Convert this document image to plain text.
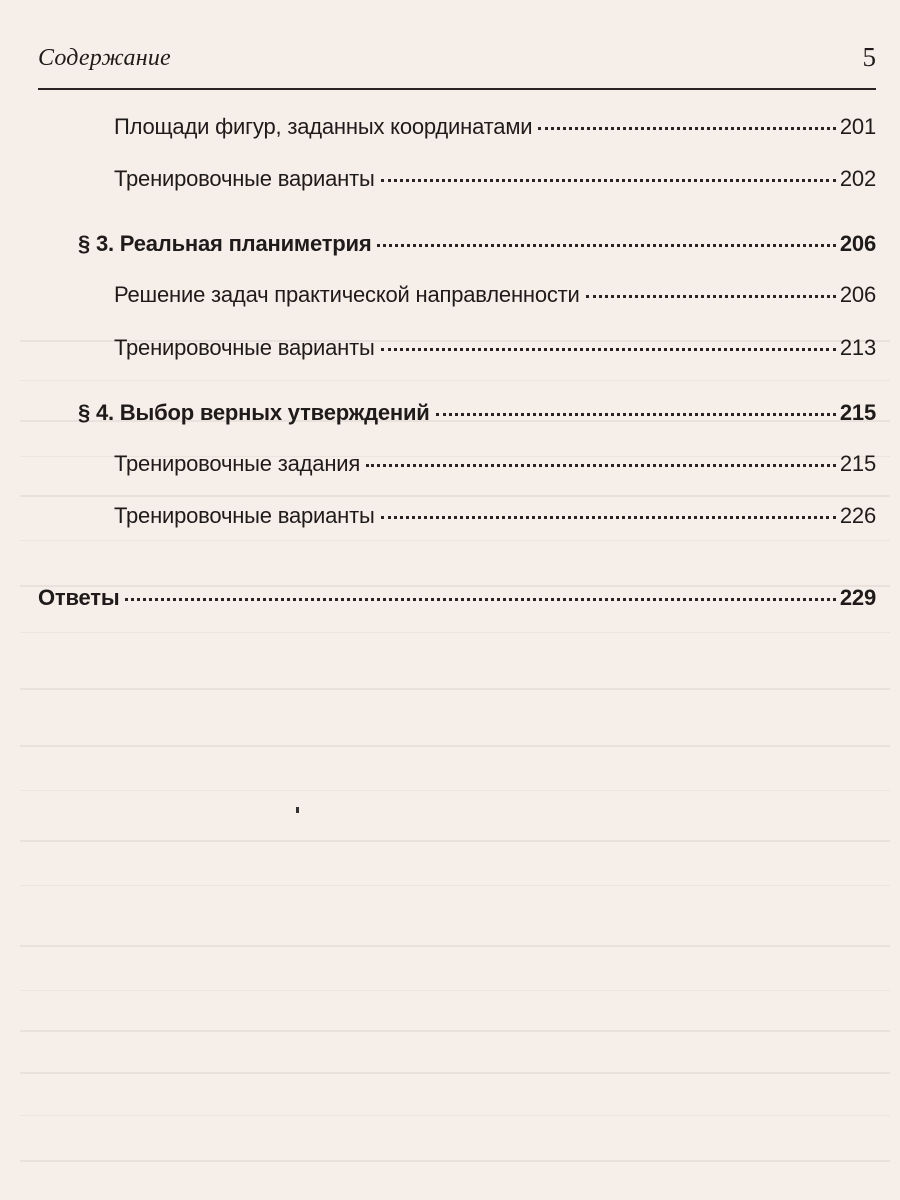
Содержание	5
Площади фигур, заданных координатами	201
Тренировочные варианты	202
§ 3. Реальная планиметрия	206
Решение задач практической направленности	206
Тренировочные варианты	213
§ 4. Выбор верных утверждений	215
Тренировочные задания	215
Тренировочные варианты	226
Ответы	229
